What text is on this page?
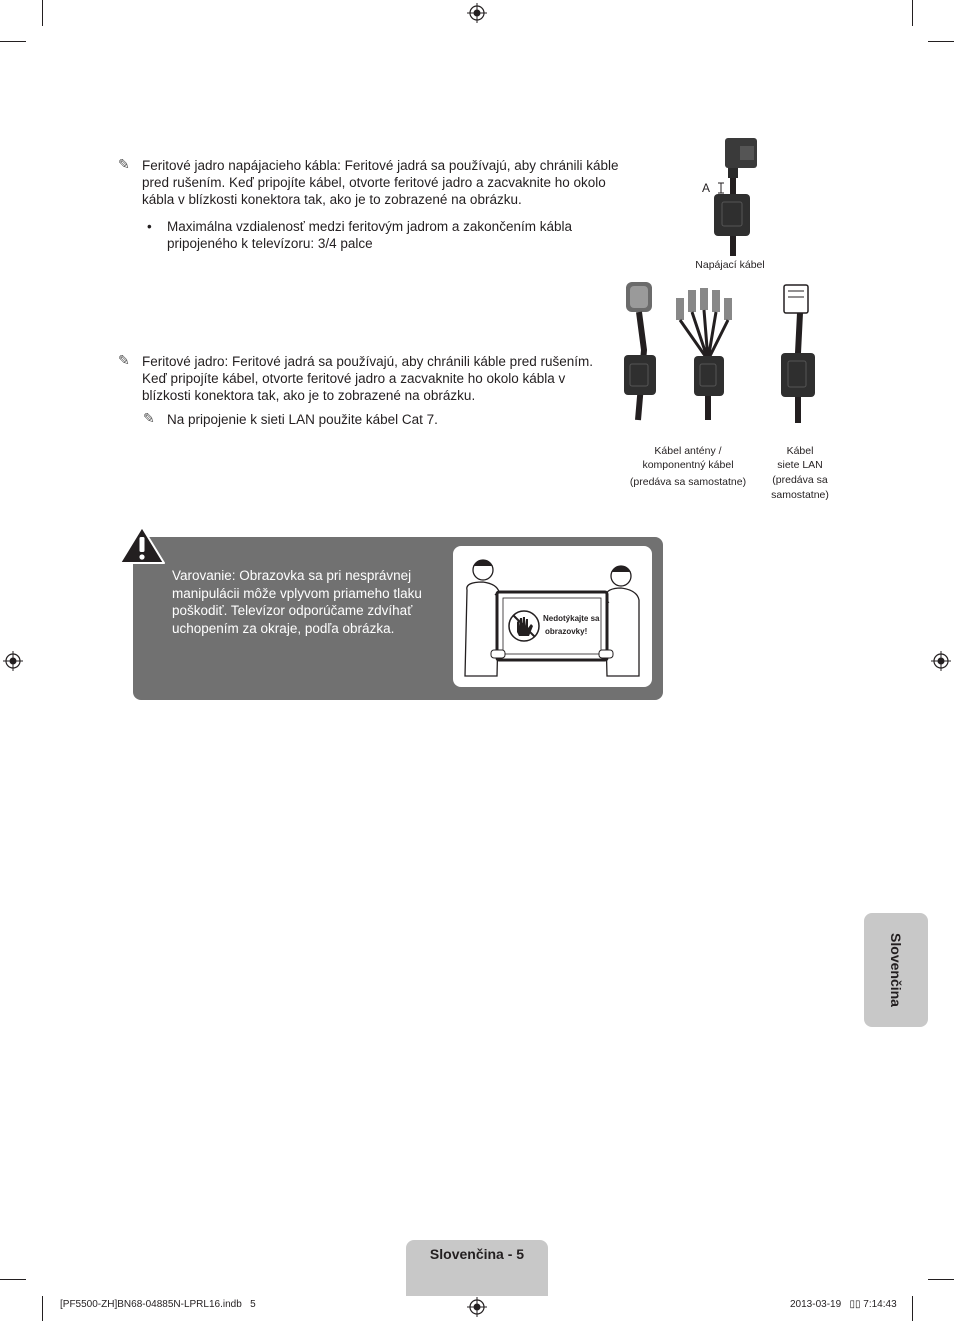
✎ Feritové jadro napájacieho kábla: Feritové jadrá sa používajú, aby chránili káble pred rušením. Keď pripojíte kábel, otvorte feritové jadro a zacvaknite ho okolo kábla v blízkosti konektora tak, ako je to zobrazené na obrázku.
• Maximálna vzdialenosť medzi feritovým jadrom a zakončením kábla pripojeného k televízoru: 3/4 palce
✎ Feritové jadro: Feritové jadrá sa používajú, aby chránili káble pred rušením. Keď pripojíte kábel, otvorte feritové jadro a zacvaknite ho okolo kábla v blízkosti konektora tak, ako je to zobrazené na obrázku.
✎ Na pripojenie k sieti LAN použite kábel Cat 7.
A
Napájací kábel
Kábel antény /
komponentný kábel
(predáva sa samostatne)
Kábel
siete LAN
(predáva sa
samostatne)
Varovanie: Obrazovka sa pri nesprávnej manipulácii môže vplyvom priameho tlaku poškodiť. Televízor odporúčame zdvíhať uchopením za okraje, podľa obrázka.
Nedotýkajte sa
obrazovky!
Slovenčina
Slovenčina - 5
[PF5500-ZH]BN68-04885N-LPRL16.indb   5	2013-03-19   ▯▯ 7:14:43
